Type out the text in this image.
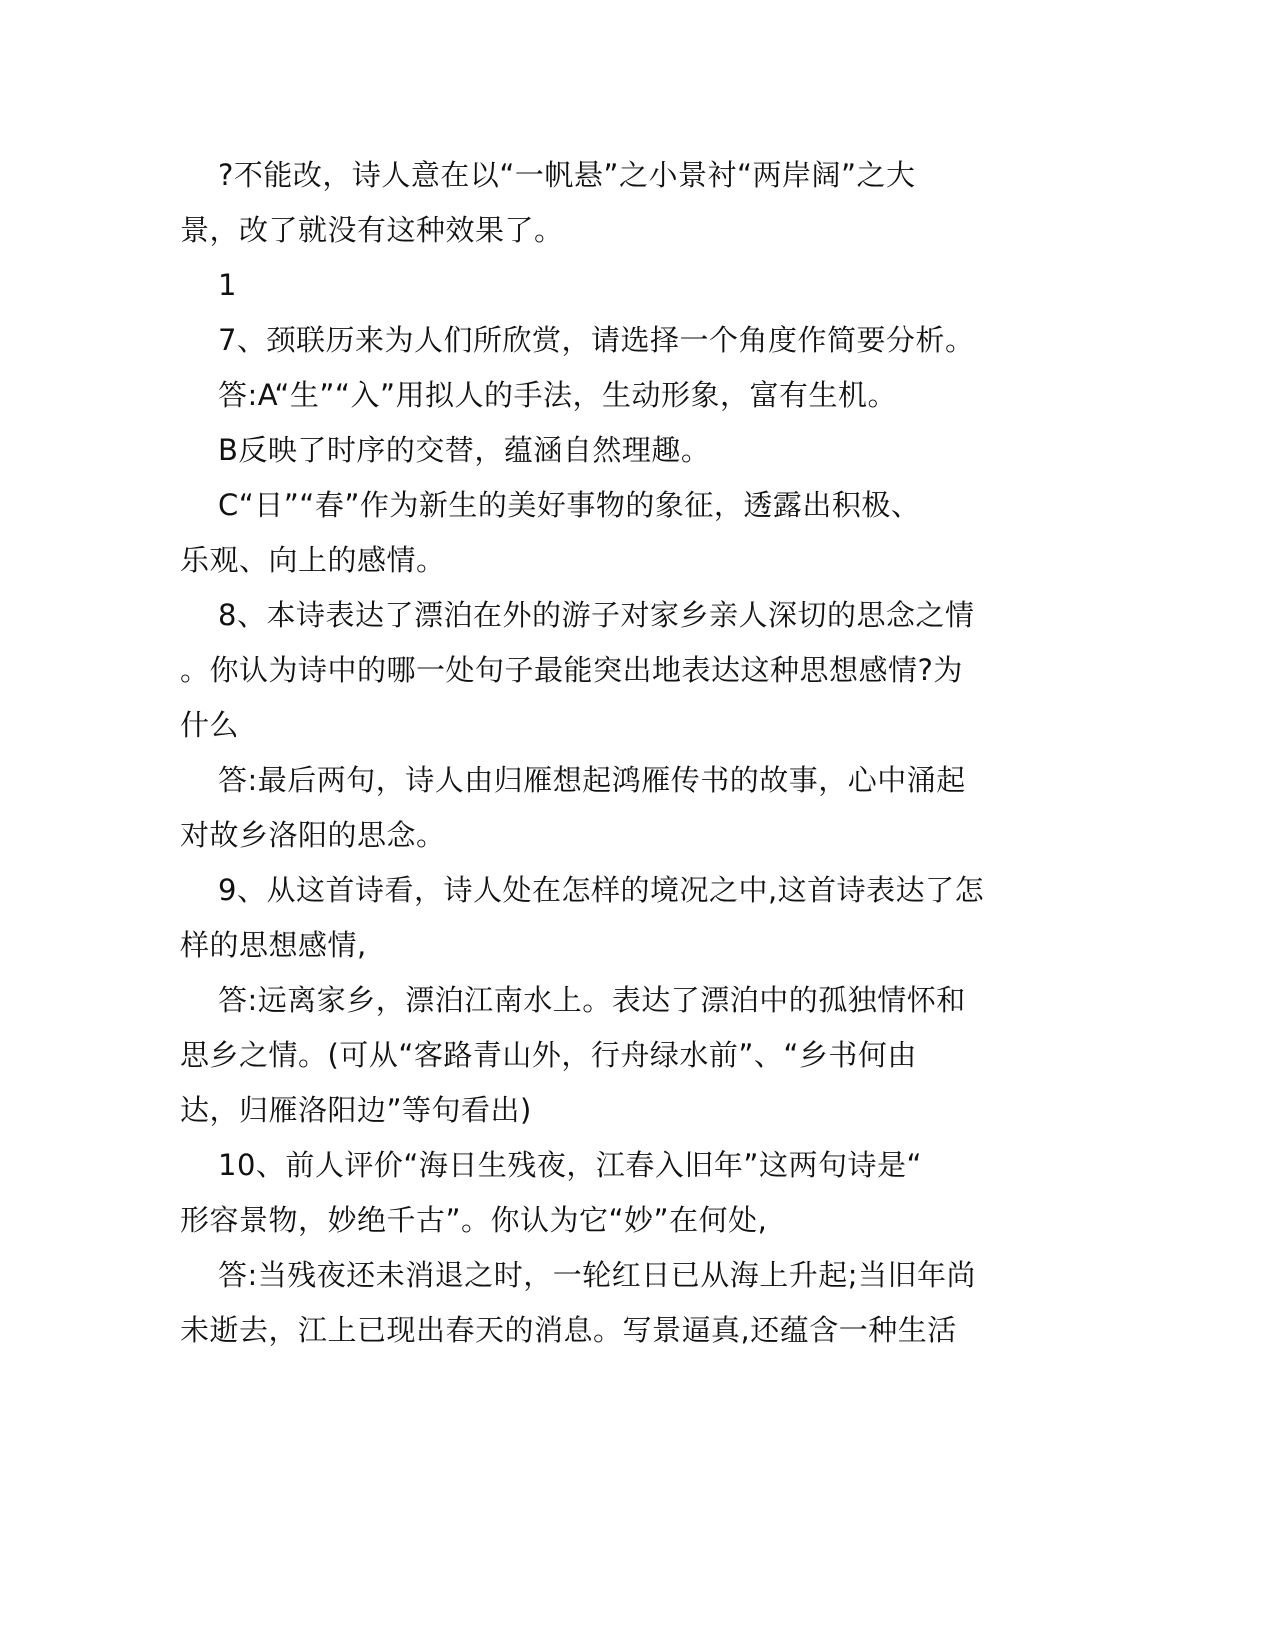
?不能改，诗人意在以“一帆悬”之小景衬“两岸阔”之大
景，改了就没有这种效果了。
1
7、颈联历来为人们所欣赏，请选择一个角度作简要分析。
答:A“生”“入”用拟人的手法，生动形象，富有生机。
B反映了时序的交替，蕴涵自然理趣。
C“日”“春”作为新生的美好事物的象征，透露出积极、
乐观、向上的感情。
8、本诗表达了漂泊在外的游子对家乡亲人深切的思念之情
。你认为诗中的哪一处句子最能突出地表达这种思想感情?为
什么
答:最后两句，诗人由归雁想起鸿雁传书的故事，心中涌起
对故乡洛阳的思念。
9、从这首诗看，诗人处在怎样的境况之中,这首诗表达了怎
样的思想感情,
答:远离家乡，漂泊江南水上。表达了漂泊中的孤独情怀和
思乡之情。(可从“客路青山外，行舟绿水前”、“乡书何由
达，归雁洛阳边”等句看出)
10、前人评价“海日生残夜，江春入旧年”这两句诗是“
形容景物，妙绝千古”。你认为它“妙”在何处,
答:当残夜还未消退之时，一轮红日已从海上升起;当旧年尚
未逝去，江上已现出春天的消息。写景逼真,还蕴含一种生活
